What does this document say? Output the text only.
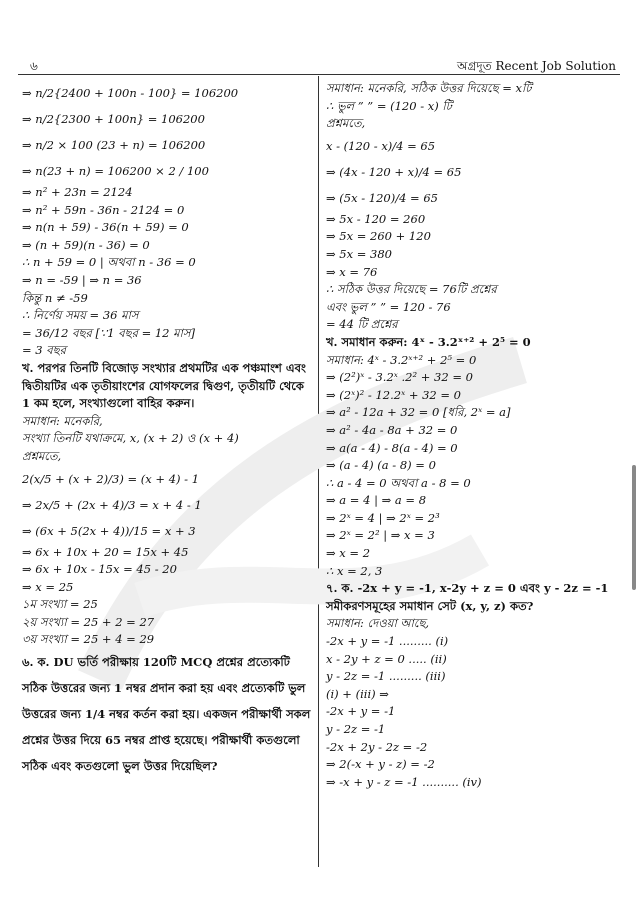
৬	অগ্রদূত Recent Job Solution
⇒ n/2{2400 + 100n - 100} = 106200
⇒ n/2{2300 + 100n} = 106200
⇒ n/2 × 100 (23 + n) = 106200
⇒ n(23 + n) = 106200 × 2 / 100
⇒ n² + 23n = 2124
⇒ n² + 59n - 36n - 2124 = 0
⇒ n(n + 59) - 36(n + 59) = 0
⇒ (n + 59)(n - 36) = 0
∴ n + 59 = 0 | অথবা n - 36 = 0
⇒ n = -59 | ⇒ n = 36
কিন্তু n ≠ -59
∴ নির্ণেয় সময় = 36 মাস
= 36/12 বছর [∵1 বছর = 12 মাস]
= 3 বছর
খ. পরপর তিনটি বিজোড় সংখ্যার প্রথমটির এক পঞ্চমাংশ এবং দ্বিতীয়টির এক তৃতীয়াংশের যোগফলের দ্বিগুণ, তৃতীয়টি থেকে 1 কম হলে, সংখ্যাগুলো বাহির করুন।
সমাধান: মনেকরি,
সংখ্যা তিনটি যথাক্রমে, x, (x + 2) ও (x + 4)
প্রশ্নমতে,
2(x/5 + (x + 2)/3) = (x + 4) - 1
⇒ 2x/5 + (2x + 4)/3 = x + 4 - 1
⇒ (6x + 5(2x + 4))/15 = x + 3
⇒ 6x + 10x + 20 = 15x + 45
⇒ 6x + 10x - 15x = 45 - 20
⇒ x = 25
১ম সংখ্যা = 25
২য় সংখ্যা = 25 + 2 = 27
৩য় সংখ্যা = 25 + 4 = 29
৬. ক. DU ভর্তি পরীক্ষায় 120টি MCQ প্রশ্নের প্রত্যেকটি সঠিক উত্তরের জন্য 1 নম্বর প্রদান করা হয় এবং প্রত্যেকটি ভুল উত্তরের জন্য 1/4 নম্বর কর্তন করা হয়। একজন পরীক্ষার্থী সকল প্রশ্নের উত্তর দিয়ে 65 নম্বর প্রাপ্ত হয়েছে। পরীক্ষার্থী কতগুলো সঠিক এবং কতগুলো ভুল উত্তর দিয়েছিল?
সমাধান: মনেকরি, সঠিক উত্তর দিয়েছে = xটি
∴ ভুল ” ” = (120 - x) টি
প্রশ্নমতে,
x - (120 - x)/4 = 65
⇒ (4x - 120 + x)/4 = 65
⇒ (5x - 120)/4 = 65
⇒ 5x - 120 = 260
⇒ 5x = 260 + 120
⇒ 5x = 380
⇒ x = 76
∴ সঠিক উত্তর দিয়েছে = 76টি প্রশ্নের
এবং ভুল ” ” = 120 - 76
= 44 টি প্রশ্নের
খ. সমাধান করুন: 4ˣ - 3.2ˣ⁺² + 2⁵ = 0
সমাধান: 4ˣ - 3.2ˣ⁺² + 2⁵ = 0
⇒ (2²)ˣ - 3.2ˣ .2² + 32 = 0
⇒ (2ˣ)² - 12.2ˣ + 32 = 0
⇒ a² - 12a + 32 = 0 [ধরি, 2ˣ = a]
⇒ a² - 4a - 8a + 32 = 0
⇒ a(a - 4) - 8(a - 4) = 0
⇒ (a - 4) (a - 8) = 0
∴ a - 4 = 0 অথবা a - 8 = 0
⇒ a = 4 | ⇒ a = 8
⇒ 2ˣ = 4 | ⇒ 2ˣ = 2³
⇒ 2ˣ = 2² | ⇒ x = 3
⇒ x = 2
∴ x = 2, 3
৭. ক. -2x + y = -1, x-2y + z = 0 এবং y - 2z = -1 সমীকরণসমূহের সমাধান সেট (x, y, z) কত?
সমাধান: দেওয়া আছে,
-2x + y = -1 ......... (i)
x - 2y + z = 0 ..... (ii)
y - 2z = -1 ......... (iii)
(i) + (iii) ⇒
-2x + y = -1
y - 2z = -1
-2x + 2y - 2z = -2
⇒ 2(-x + y - z) = -2
⇒ -x + y - z = -1 .......... (iv)
